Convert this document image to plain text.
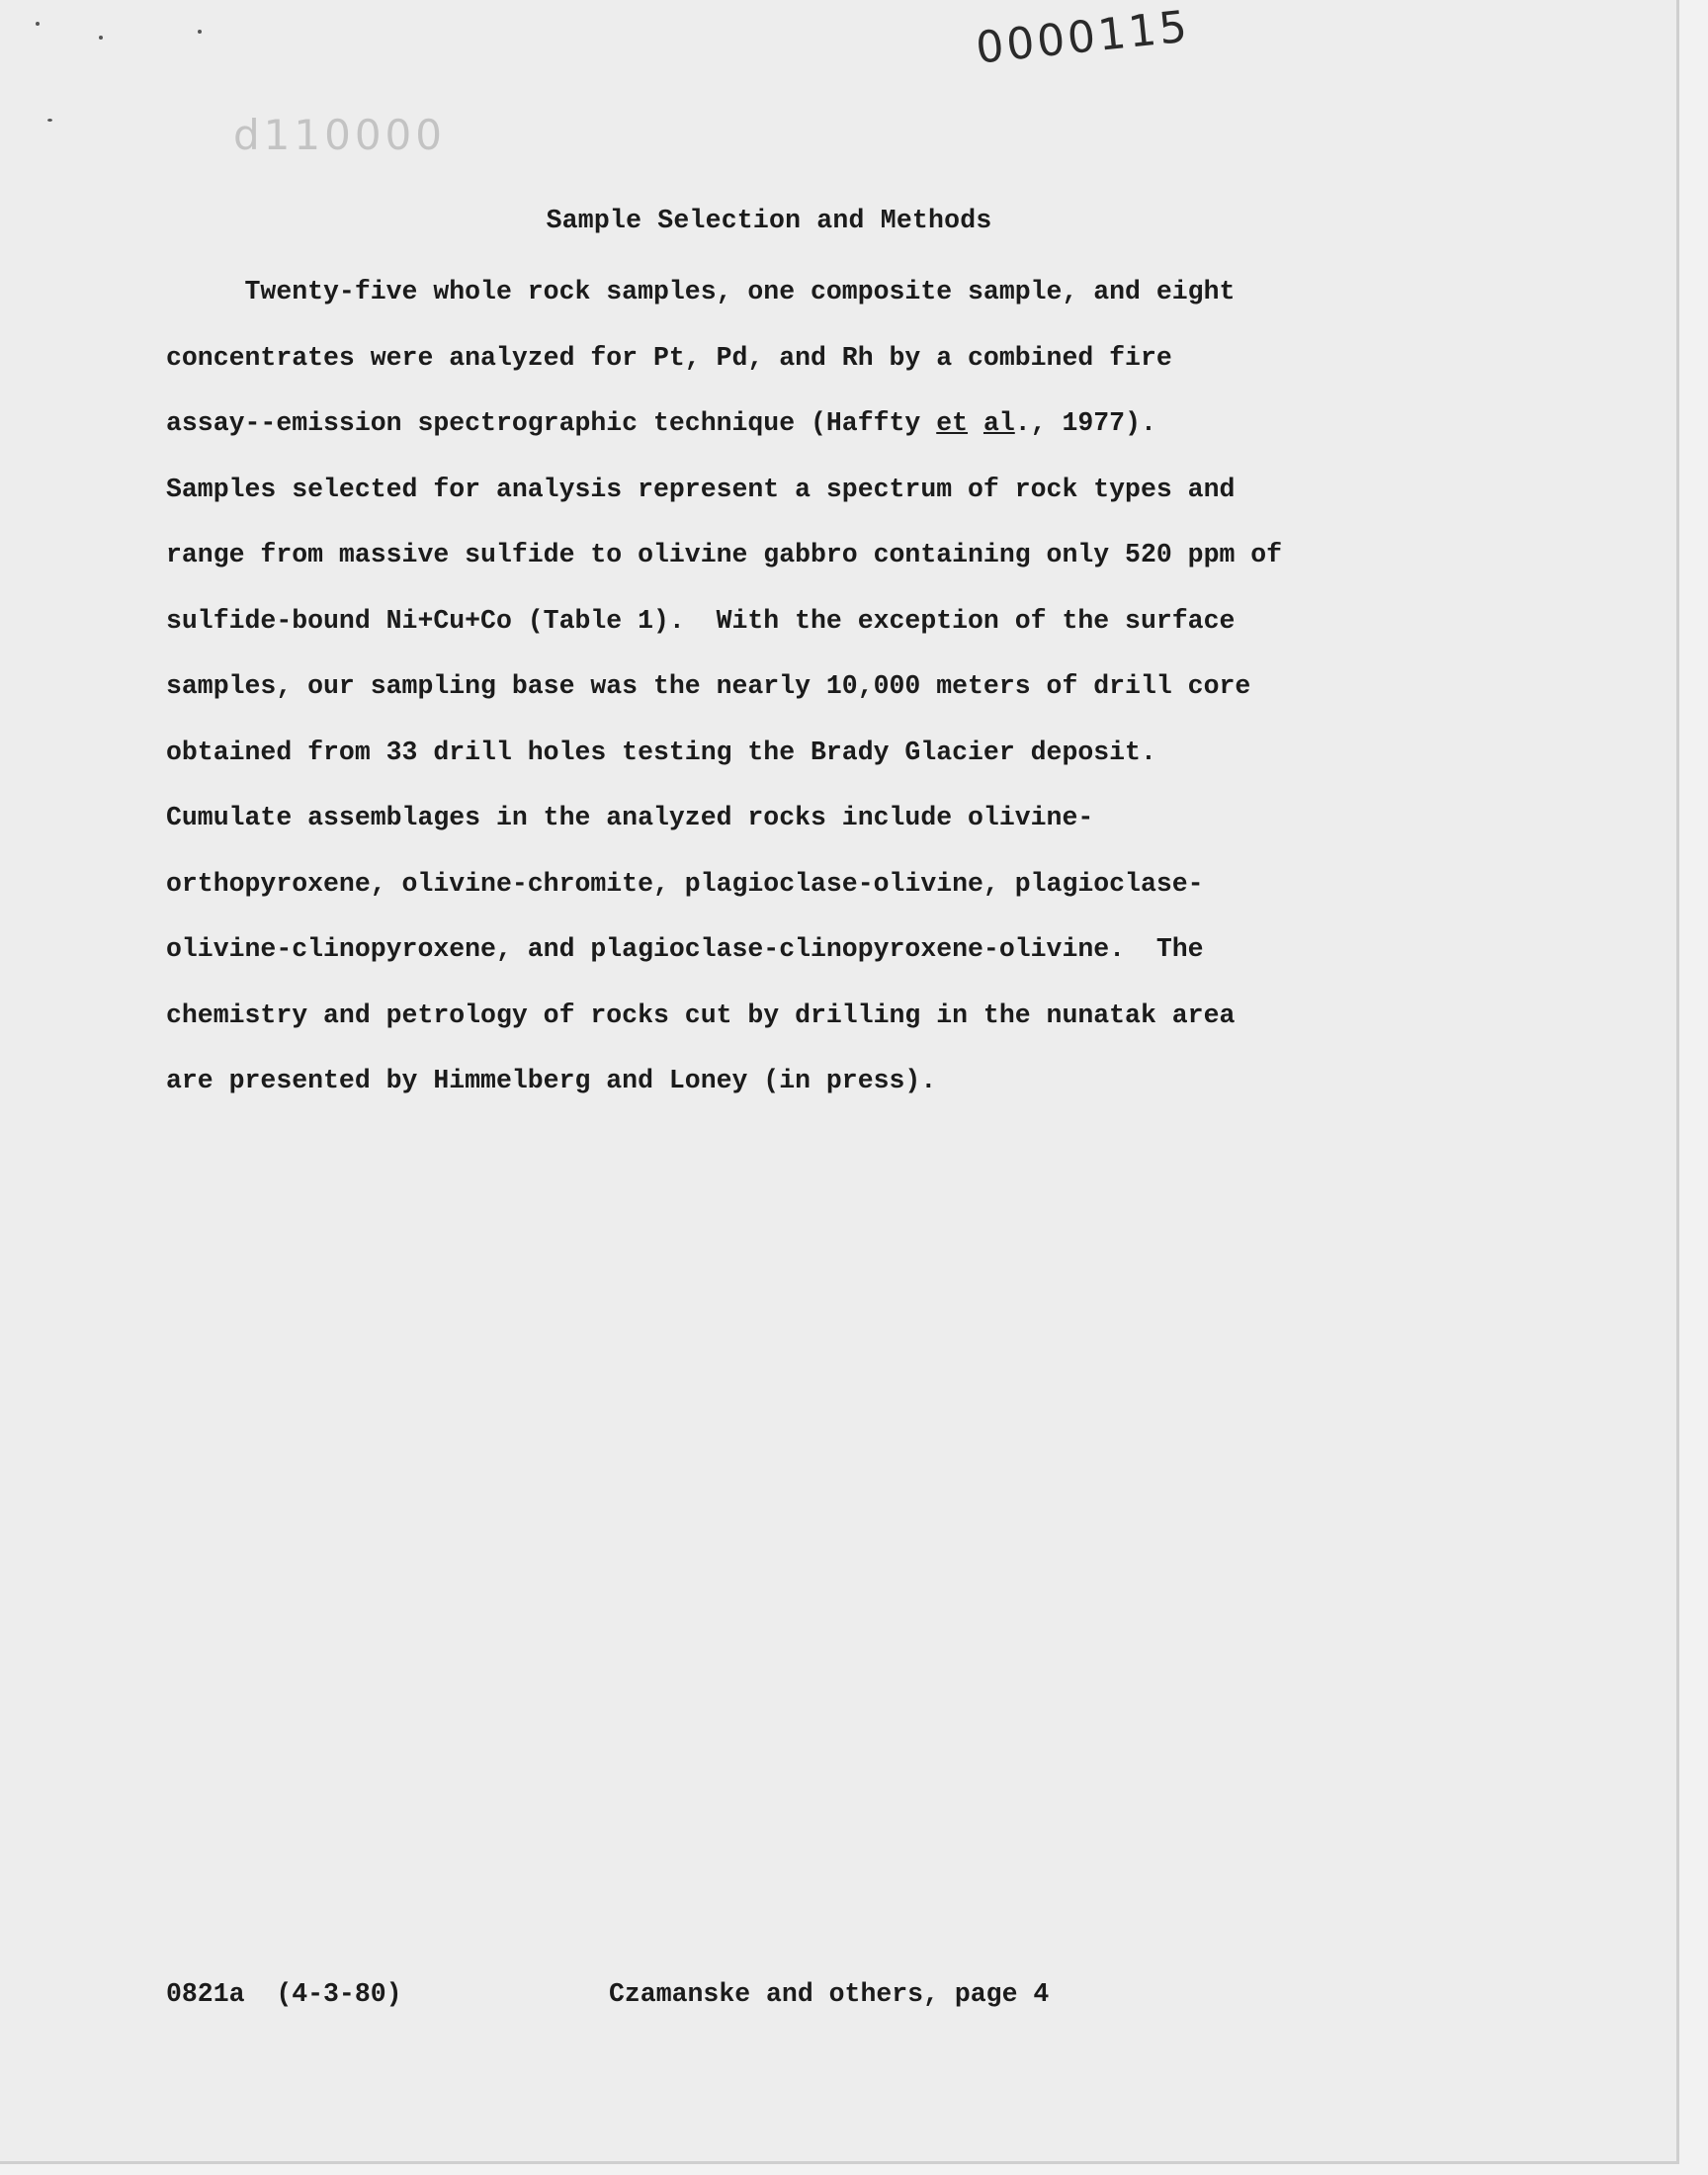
0000115
d110000
Sample Selection and Methods
Twenty-five whole rock samples, one composite sample, and eight
concentrates were analyzed for Pt, Pd, and Rh by a combined fire
assay--emission spectrographic technique (Haffty et al., 1977).
Samples selected for analysis represent a spectrum of rock types and
range from massive sulfide to olivine gabbro containing only 520 ppm of
sulfide-bound Ni+Cu+Co (Table 1).  With the exception of the surface
samples, our sampling base was the nearly 10,000 meters of drill core
obtained from 33 drill holes testing the Brady Glacier deposit.
Cumulate assemblages in the analyzed rocks include olivine-
orthopyroxene, olivine-chromite, plagioclase-olivine, plagioclase-
olivine-clinopyroxene, and plagioclase-clinopyroxene-olivine.  The
chemistry and petrology of rocks cut by drilling in the nunatak area
are presented by Himmelberg and Loney (in press).
0821a  (4-3-80)	Czamanske and others, page 4
